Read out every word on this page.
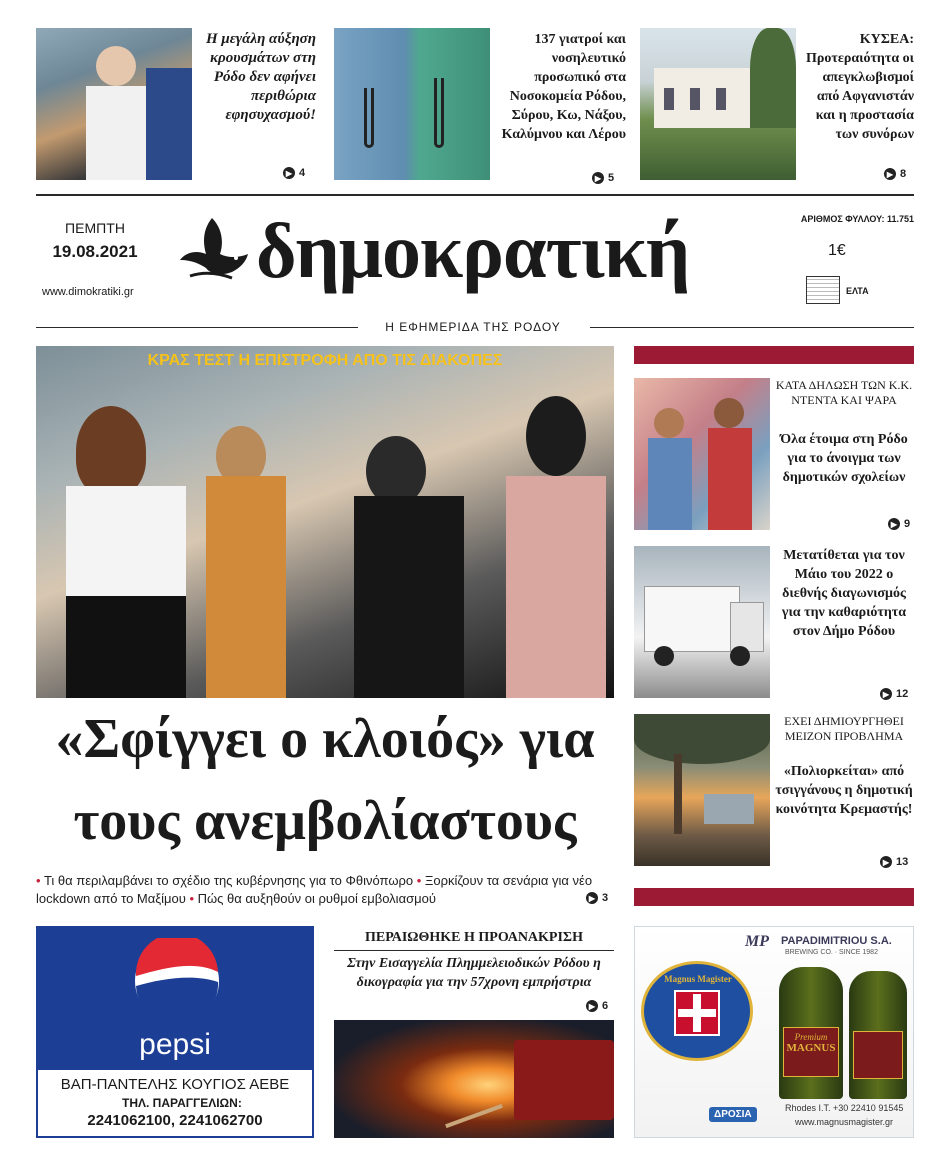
Η μεγάλη αύξηση κρουσμάτων στη Ρόδο δεν αφήνει περιθώρια εφησυχασμού!
▶ 4
137 γιατροί και νοσηλευτικό προσωπικό στα Νοσοκομεία Ρόδου, Σύρου, Κω, Νάξου, Καλύμνου και Λέρου
▶ 5
ΚΥΣΕΑ:
Προτεραιότητα οι απεγκλωβισμοί από Αφγανιστάν και η προστασία των συνόρων
▶ 8
ΠΕΜΠΤΗ
19.08.2021
www.dimokratiki.gr δημοκρατική	ΑΡΙΘΜΟΣ ΦΥΛΛΟΥ: 11.751
1€
ΕΛΤΑ
Η ΕΦΗΜΕΡΙΔΑ ΤΗΣ ΡΟΔΟΥ
ΚΡΑΣ ΤΕΣΤ Η ΕΠΙΣΤΡΟΦΗ ΑΠΟ ΤΙΣ ΔΙΑΚΟΠΕΣ
«Σφίγγει ο κλοιός» για
τους ανεμβολίαστους
• Τι θα περιλαμβάνει το σχέδιο της κυβέρνησης για το Φθινόπωρο • Ξορκίζουν τα σενάρια για νέο lockdown από το Μαξίμου • Πώς θα αυξηθούν οι ρυθμοί εμβολιασμού	▶ 3
ΚΑΤΑ ΔΗΛΩΣΗ ΤΩΝ Κ.Κ. ΝΤΕΝΤΑ ΚΑΙ ΨΑΡΑ
Όλα έτοιμα στη Ρόδο για το άνοιγμα των δημοτικών σχολείων
▶ 9
Μετατίθεται για τον Μάιο του 2022 ο διεθνής διαγωνισμός για την καθαριότητα στον Δήμο Ρόδου
▶ 12
ΕΧΕΙ ΔΗΜΙΟΥΡΓΗΘΕΙ ΜΕΙΖΟΝ ΠΡΟΒΛΗΜΑ
«Πολιορκείται» από τσιγγάνους η δημοτική κοινότητα Κρεμαστής!
▶ 13
pepsi
ΒΑΠ-ΠΑΝΤΕΛΗΣ ΚΟΥΓΙΟΣ ΑΕΒΕ
ΤΗΛ. ΠΑΡΑΓΓΕΛΙΩΝ:
2241062100, 2241062700
ΠΕΡΑΙΩΘΗΚΕ Η ΠΡΟΑΝΑΚΡΙΣΗ
Στην Εισαγγελία Πλημμελειοδικών Ρόδου η δικογραφία για την 57χρονη εμπρήστρια
▶ 6
MP PAPADIMITRIOU S.A.
BREWING CO. · SINCE 1982
Magnus Magister
Premium
MAGNUS
ΔΡΟΣΙΑ
Rhodes I.T. +30 22410 91545
www.magnusmagister.gr
